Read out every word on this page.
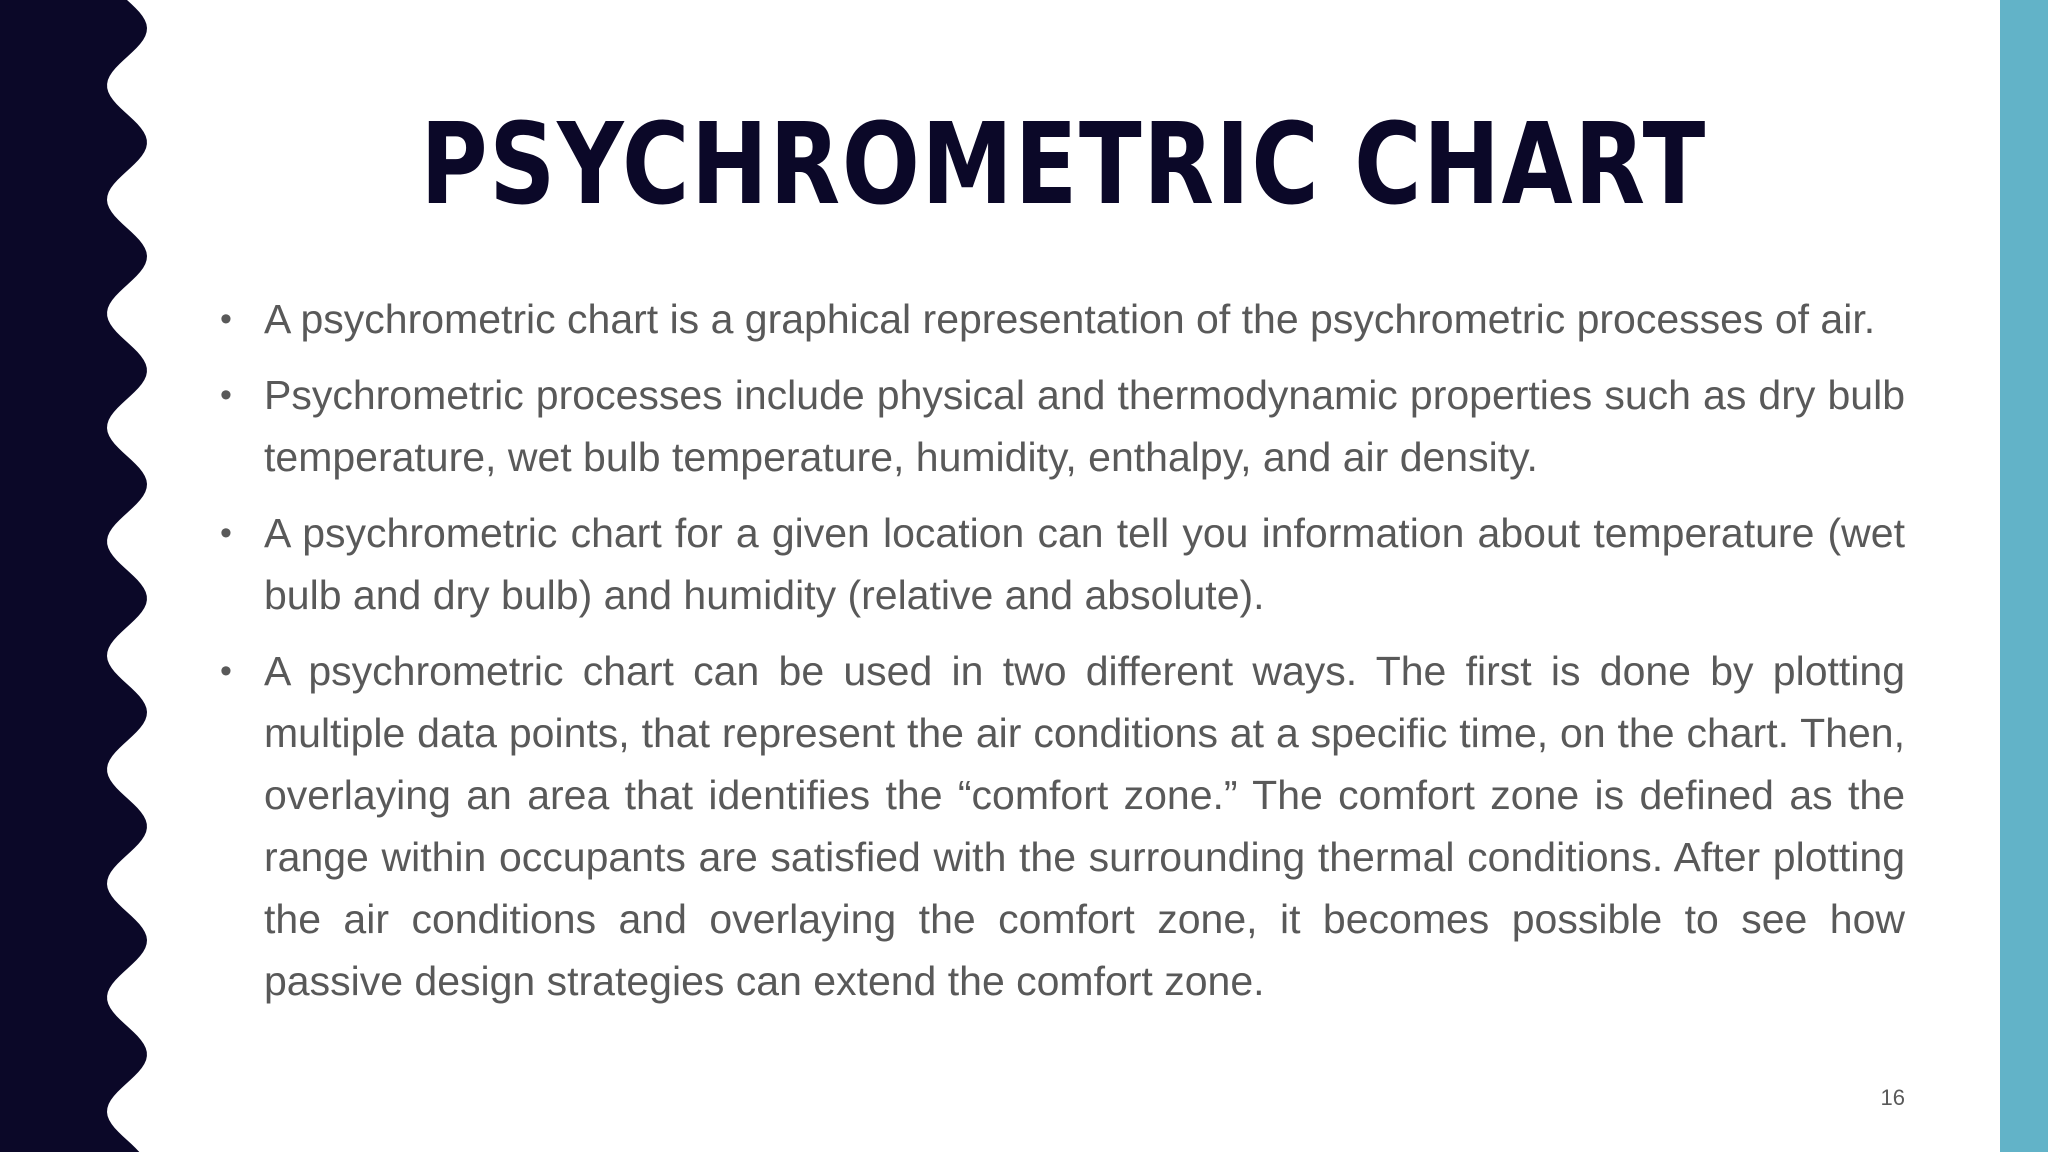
PSYCHROMETRIC CHART
• A psychrometric chart is a graphical representation of the psychrometric processes of air.
• Psychrometric processes include physical and thermodynamic properties such as dry bulb temperature, wet bulb temperature, humidity, enthalpy, and air density.
• A psychrometric chart for a given location can tell you information about temperature (wet bulb and dry bulb) and humidity (relative and absolute).
• A psychrometric chart can be used in two different ways. The first is done by plotting multiple data points, that represent the air conditions at a specific time, on the chart. Then, overlaying an area that identifies the “comfort zone.” The comfort zone is defined as the range within occupants are satisfied with the surrounding thermal conditions. After plotting the air conditions and overlaying the comfort zone, it becomes possible to see how passive design strategies can extend the comfort zone.
16
